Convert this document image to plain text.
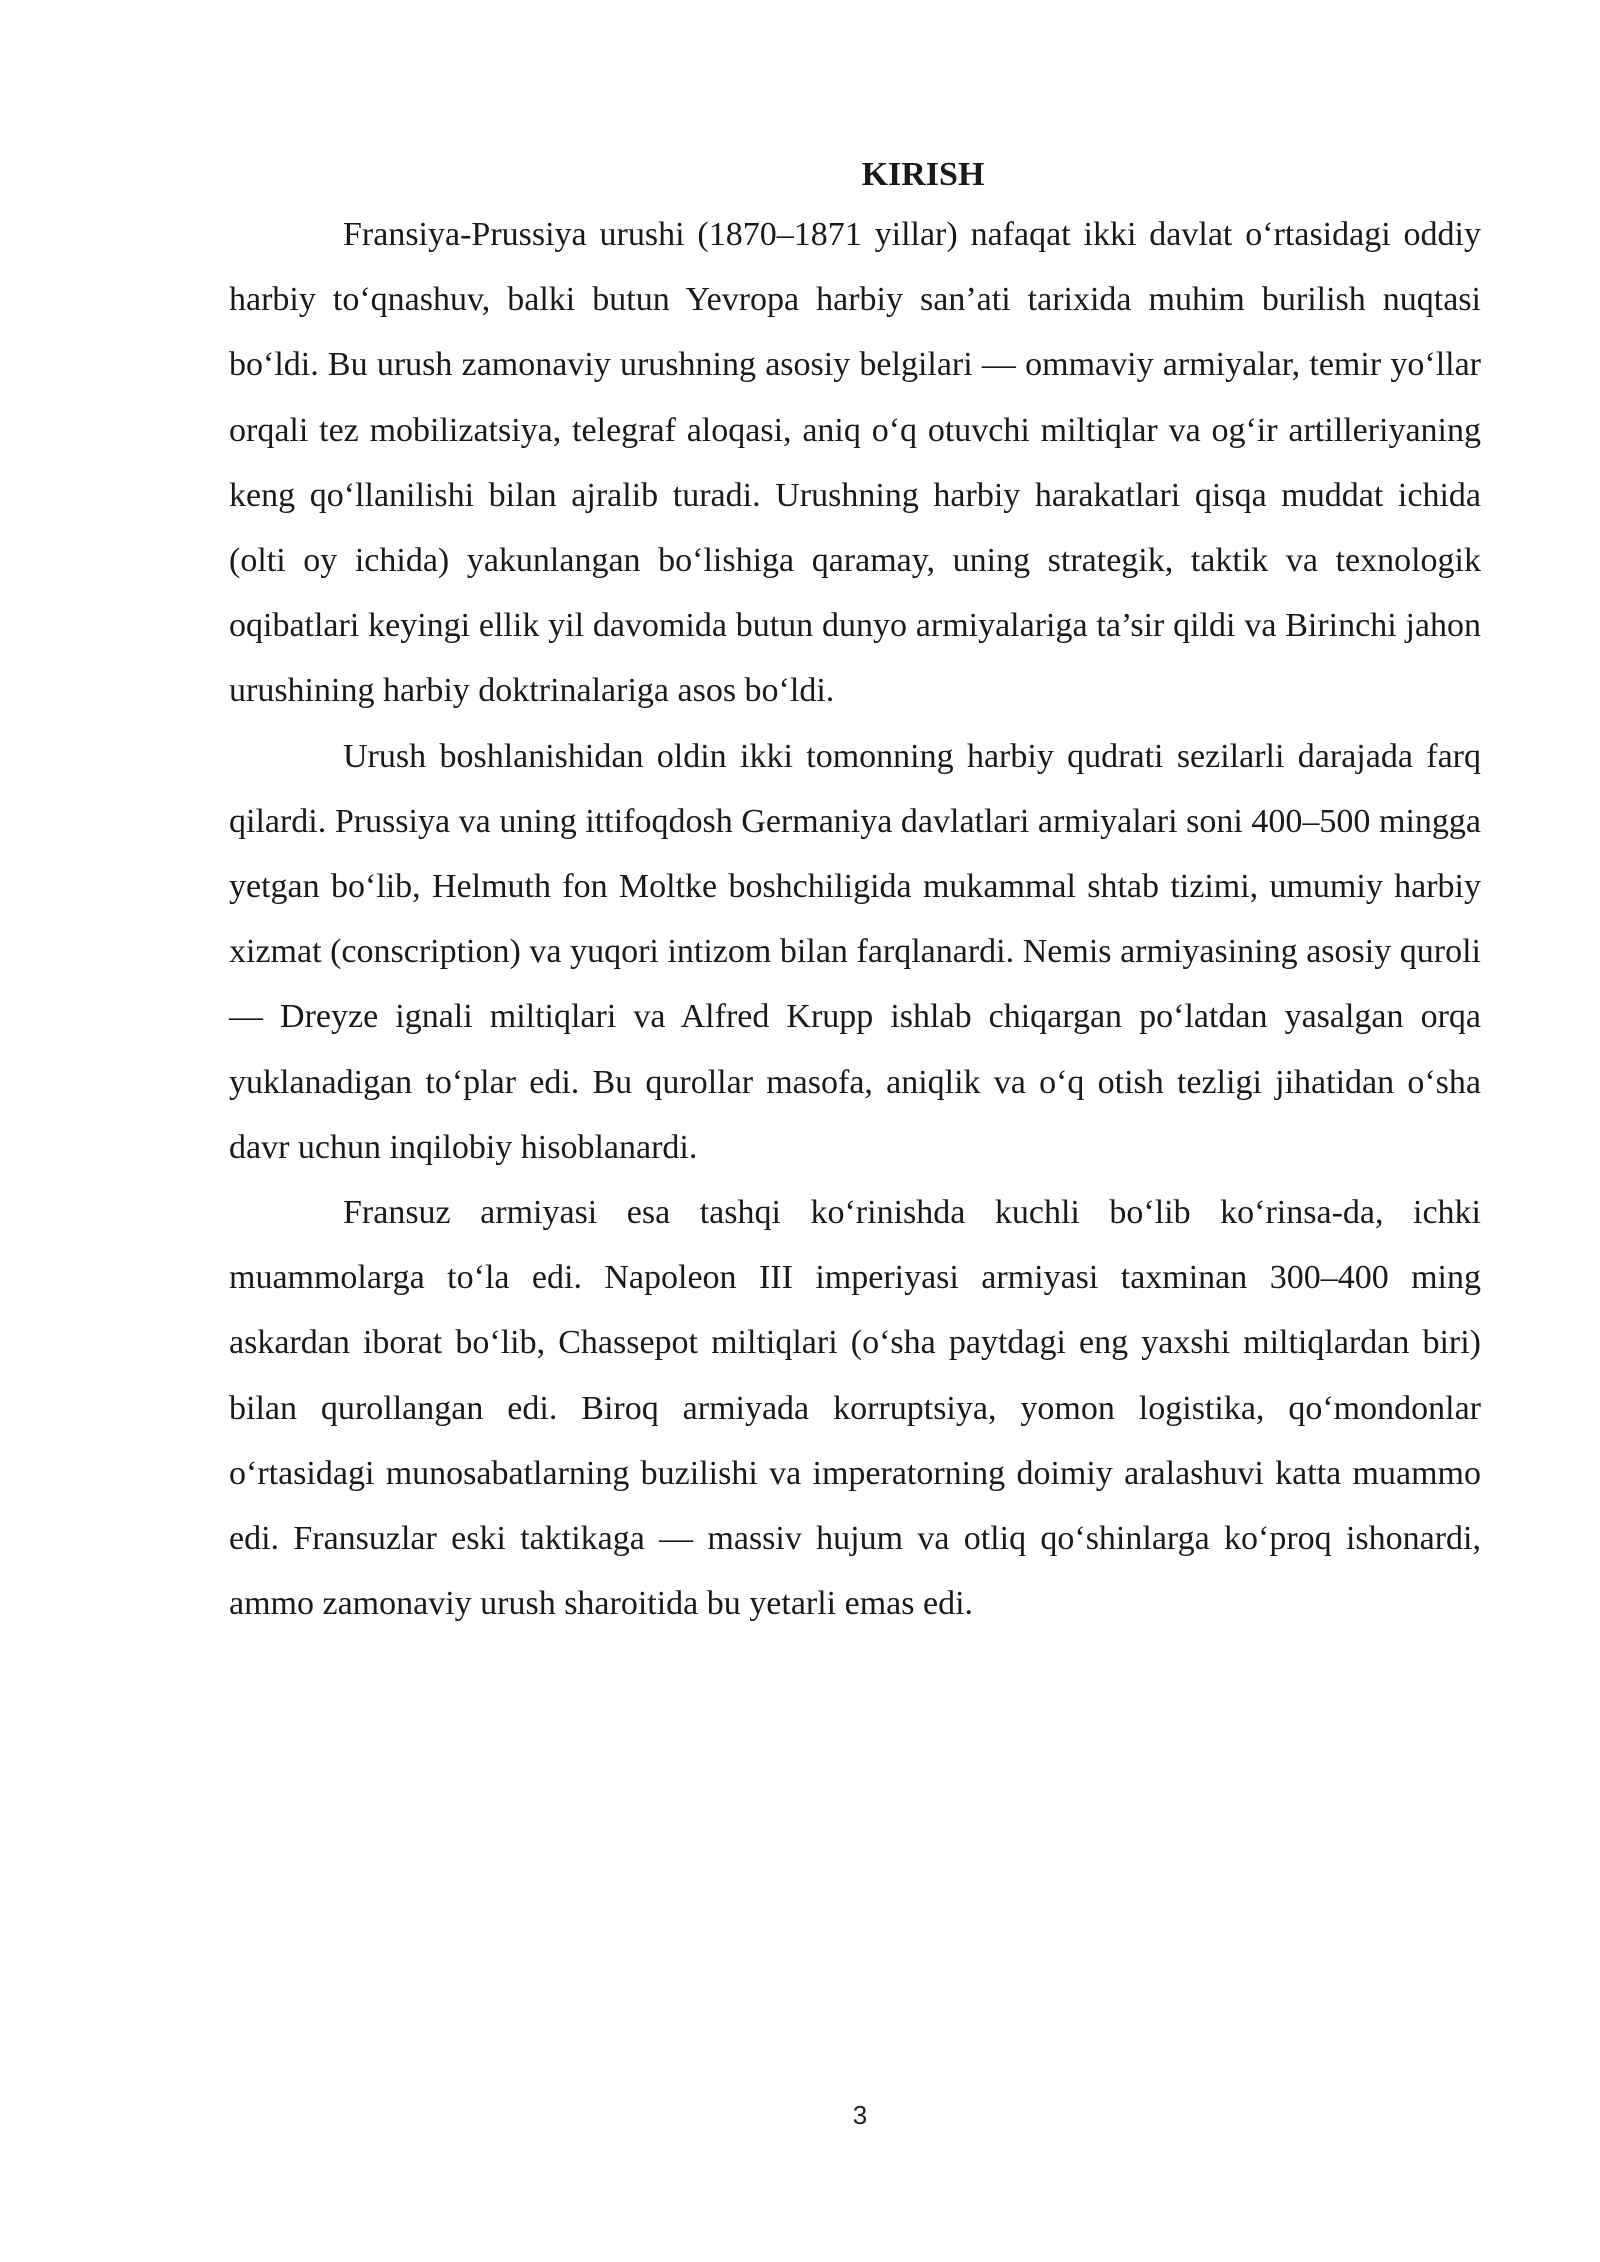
KIRISH

Fransiya-Prussiya urushi (1870–1871 yillar) nafaqat ikki davlat o‘rtasidagi oddiy harbiy to‘qnashuv, balki butun Yevropa harbiy san’ati tarixida muhim burilish nuqtasi bo‘ldi. Bu urush zamonaviy urushning asosiy belgilari — ommaviy armiyalar, temir yo‘llar orqali tez mobilizatsiya, telegraf aloqasi, aniq o‘q otuvchi miltiqlar va og‘ir artilleriyaning keng qo‘llanilishi bilan ajralib turadi. Urushning harbiy harakatlari qisqa muddat ichida (olti oy ichida) yakunlangan bo‘lishiga qaramay, uning strategik, taktik va texnologik oqibatlari keyingi ellik yil davomida butun dunyo armiyalariga ta’sir qildi va Birinchi jahon urushining harbiy doktrinalariga asos bo‘ldi.

Urush boshlanishidan oldin ikki tomonning harbiy qudrati sezilarli darajada farq qilardi. Prussiya va uning ittifoqdosh Germaniya davlatlari armiyalari soni 400–500 mingga yetgan bo‘lib, Helmuth fon Moltke boshchiligida mukammal shtab tizimi, umumiy harbiy xizmat (conscription) va yuqori intizom bilan farqlanardi. Nemis armiyasining asosiy quroli — Dreyze ignali miltiqlari va Alfred Krupp ishlab chiqargan po‘latdan yasalgan orqa yuklanadigan to‘plar edi. Bu qurollar masofa, aniqlik va o‘q otish tezligi jihatidan o‘sha davr uchun inqilobiy hisoblanardi.

Fransuz armiyasi esa tashqi ko‘rinishda kuchli bo‘lib ko‘rinsa-da, ichki muammolarga to‘la edi. Napoleon III imperiyasi armiyasi taxminan 300–400 ming askardan iborat bo‘lib, Chassepot miltiqlari (o‘sha paytdagi eng yaxshi miltiqlardan biri) bilan qurollangan edi. Biroq armiyada korruptsiya, yomon logistika, qo‘mondonlar o‘rtasidagi munosabatlarning buzilishi va imperatorning doimiy aralashuvi katta muammo edi. Fransuzlar eski taktikaga — massiv hujum va otliq qo‘shinlarga ko‘proq ishonardi, ammo zamonaviy urush sharoitida bu yetarli emas edi.

3
